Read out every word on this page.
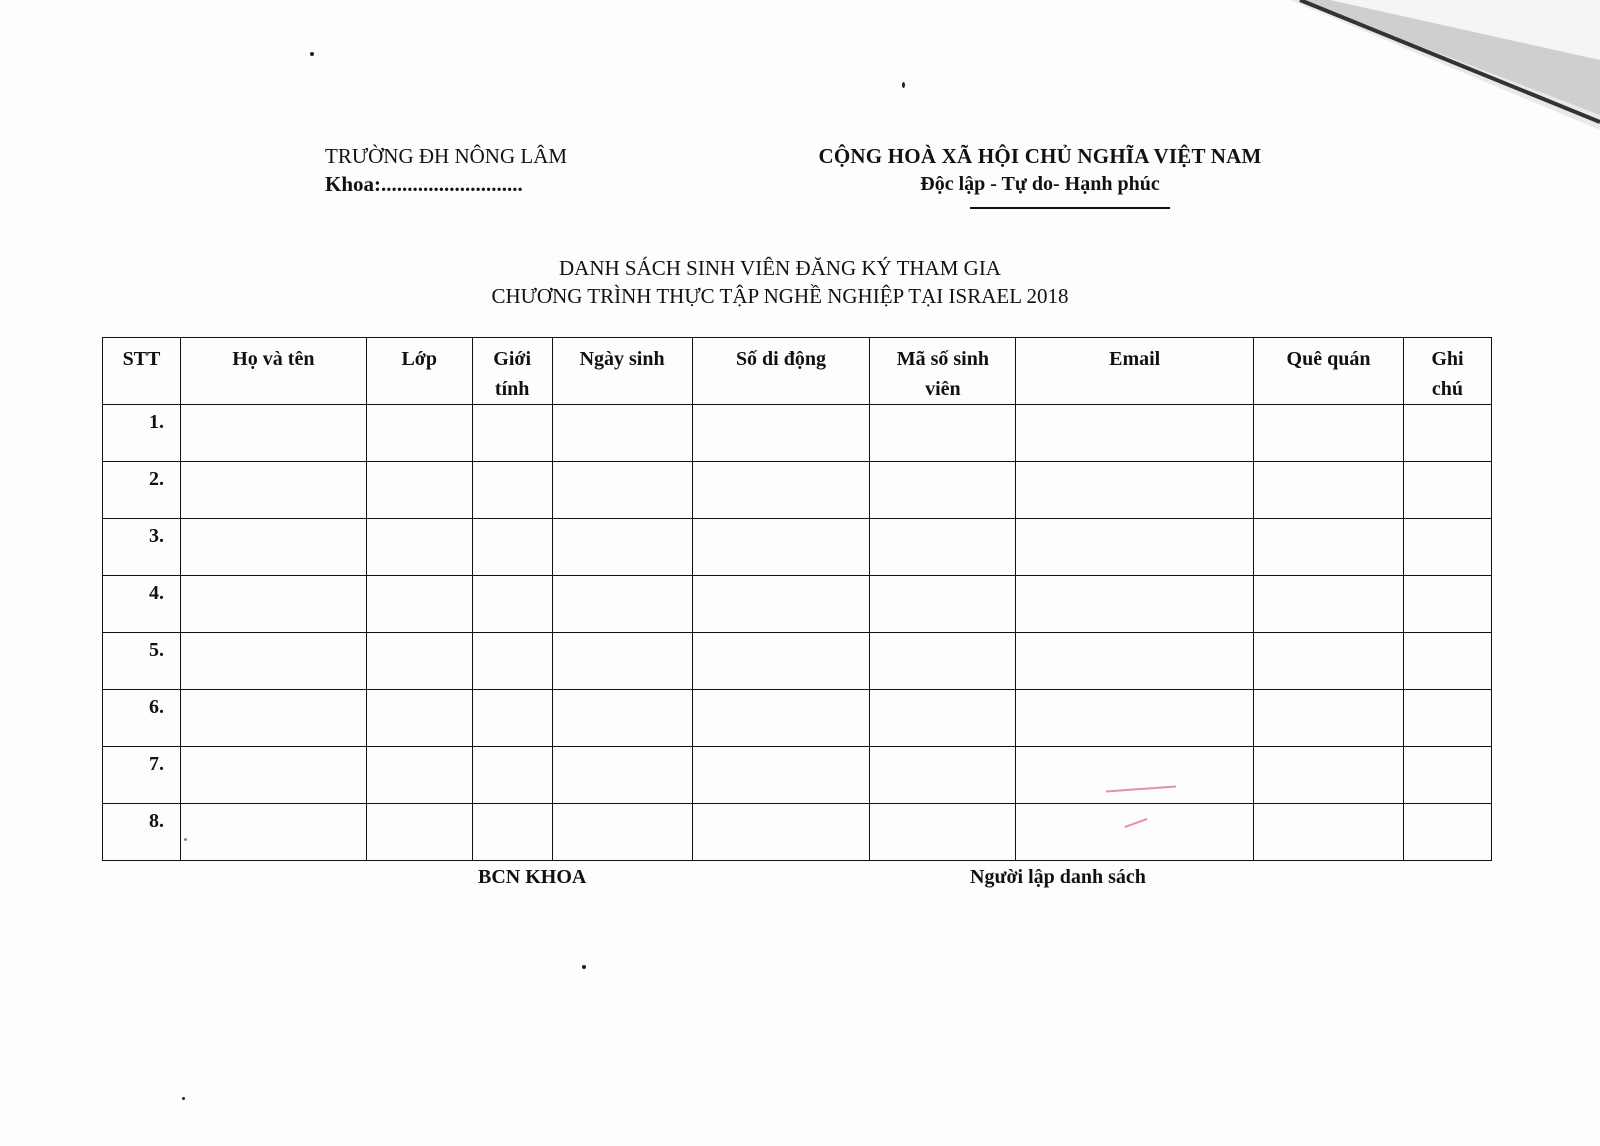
TRƯỜNG ĐH NÔNG LÂM
Khoa:...........................
CỘNG HOÀ XÃ HỘI CHỦ NGHĨA VIỆT NAM
Độc lập - Tự do- Hạnh phúc
DANH SÁCH SINH VIÊN ĐĂNG KÝ THAM GIA
CHƯƠNG TRÌNH THỰC TẬP NGHỀ NGHIỆP TẠI ISRAEL 2018
STT	Họ và tên	Lớp	Giới tính	Ngày sinh	Số di động	Mã số sinh viên	Email	Quê quán	Ghi chú
1.									
2.									
3.									
4.									
5.									
6.									
7.									
8.									
BCN KHOA	Người lập danh sách
